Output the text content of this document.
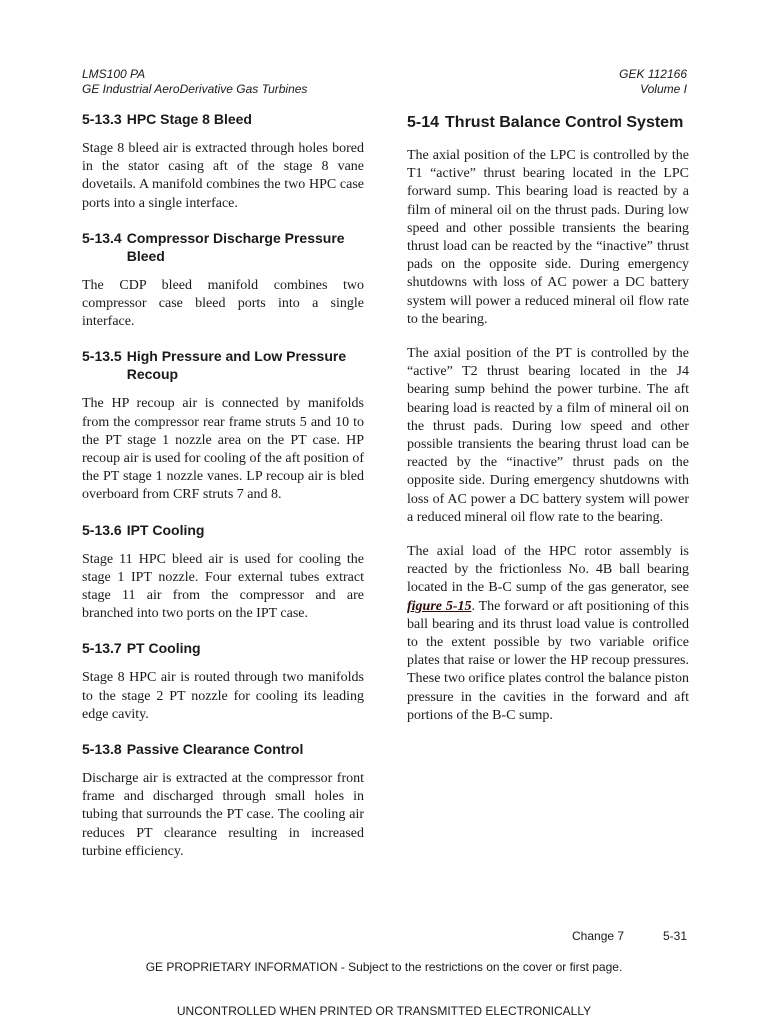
LMS100 PA
GE Industrial AeroDerivative Gas Turbines
GEK 112166
Volume I
5-13.3 HPC Stage 8 Bleed

Stage 8 bleed air is extracted through holes bored in the stator casing aft of the stage 8 vane dovetails. A manifold combines the two HPC case ports into a single interface.

5-13.4 Compressor Discharge Pressure Bleed

The CDP bleed manifold combines two compressor case bleed ports into a single interface.

5-13.5 High Pressure and Low Pressure Recoup

The HP recoup air is connected by manifolds from the compressor rear frame struts 5 and 10 to the PT stage 1 nozzle area on the PT case. HP recoup air is used for cooling of the aft position of the PT stage 1 nozzle vanes. LP recoup air is bled overboard from CRF struts 7 and 8.

5-13.6 IPT Cooling

Stage 11 HPC bleed air is used for cooling the stage 1 IPT nozzle. Four external tubes extract stage 11 air from the compressor and are branched into two ports on the IPT case.

5-13.7 PT Cooling

Stage 8 HPC air is routed through two manifolds to the stage 2 PT nozzle for cooling its leading edge cavity.

5-13.8 Passive Clearance Control

Discharge air is extracted at the compressor front frame and discharged through small holes in tubing that surrounds the PT case. The cooling air reduces PT clearance resulting in increased turbine efficiency.

5-14 Thrust Balance Control System

The axial position of the LPC is controlled by the T1 “active” thrust bearing located in the LPC forward sump. This bearing load is reacted by a film of mineral oil on the thrust pads. During low speed and other possible transients the bearing thrust load can be reacted by the “inactive” thrust pads on the opposite side. During emergency shutdowns with loss of AC power a DC battery system will power a reduced mineral oil flow rate to the bearing.

The axial position of the PT is controlled by the “active” T2 thrust bearing located in the J4 bearing sump behind the power turbine. The aft bearing load is reacted by a film of mineral oil on the thrust pads. During low speed and other possible transients the bearing thrust load can be reacted by the “inactive” thrust pads on the opposite side. During emergency shutdowns with loss of AC power a DC battery system will power a reduced mineral oil flow rate to the bearing.

The axial load of the HPC rotor assembly is reacted by the frictionless No. 4B ball bearing located in the B-C sump of the gas generator, see figure 5-15. The forward or aft positioning of this ball bearing and its thrust load value is controlled to the extent possible by two variable orifice plates that raise or lower the HP recoup pressures. These two orifice plates control the balance piston pressure in the cavities in the forward and aft portions of the B-C sump.

Change 7	5-31
GE PROPRIETARY INFORMATION - Subject to the restrictions on the cover or first page.
UNCONTROLLED WHEN PRINTED OR TRANSMITTED ELECTRONICALLY
